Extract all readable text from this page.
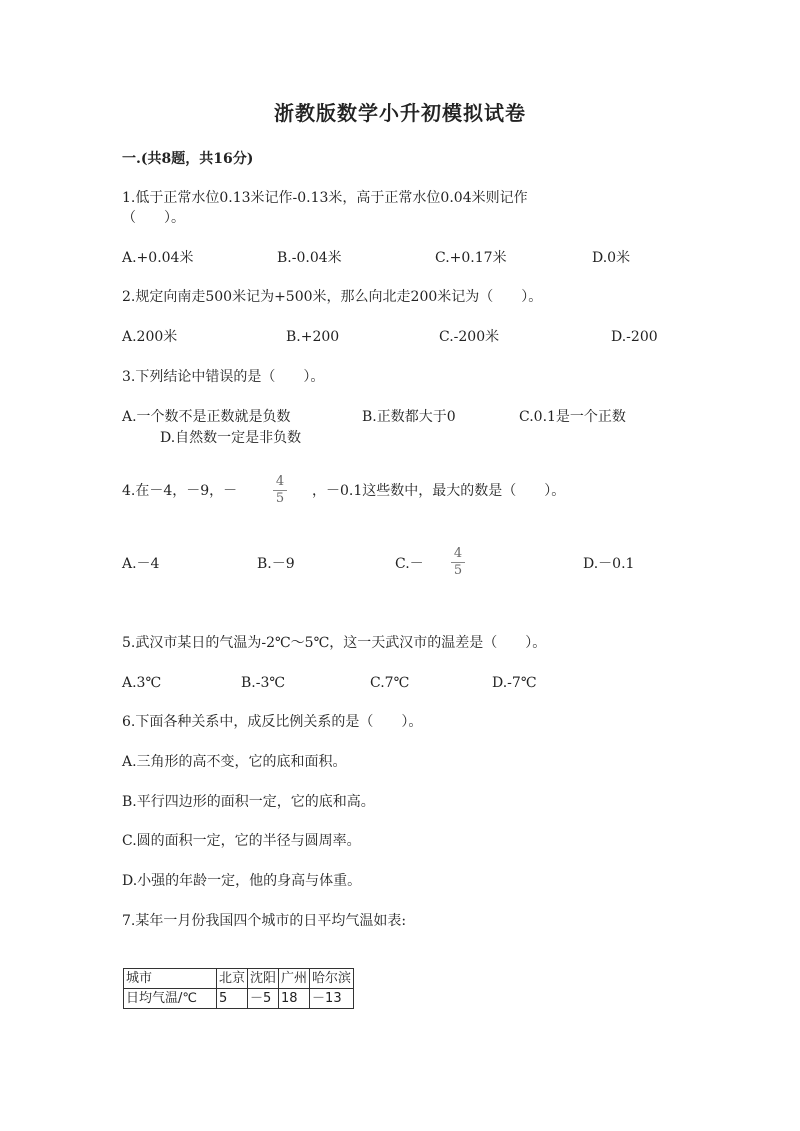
浙教版数学小升初模拟试卷
一.(共8题，共16分)
1.低于正常水位0.13米记作-0.13米，高于正常水位0.04米则记作
（　　）。
A.+0.04米	B.-0.04米	C.+0.17米	D.0米
2.规定向南走500米记为+500米，那么向北走200米记为（　　）。
A.200米	B.+200	C.-200米	D.-200
3.下列结论中错误的是（　　）。
A.一个数不是正数就是负数	B.正数都大于0	C.0.1是一个正数
D.自然数一定是非负数
4.在－4，－9，－
4
5 ，－0.1这些数中，最大的数是（　　）。
A.－4	B.－9	C.－
4
5	D.－0.1
5.武汉市某日的气温为-2℃～5℃，这一天武汉市的温差是（　　）。
A.3℃	B.-3℃	C.7℃	D.-7℃
6.下面各种关系中，成反比例关系的是（　　）。
A.三角形的高不变，它的底和面积。
B.平行四边形的面积一定，它的底和高。
C.圆的面积一定，它的半径与圆周率。
D.小强的年龄一定，他的身高与体重。
7.某年一月份我国四个城市的日平均气温如表:
城市	北京	沈阳	广州	哈尔滨
日均气温/℃	5	－5	18	－13
